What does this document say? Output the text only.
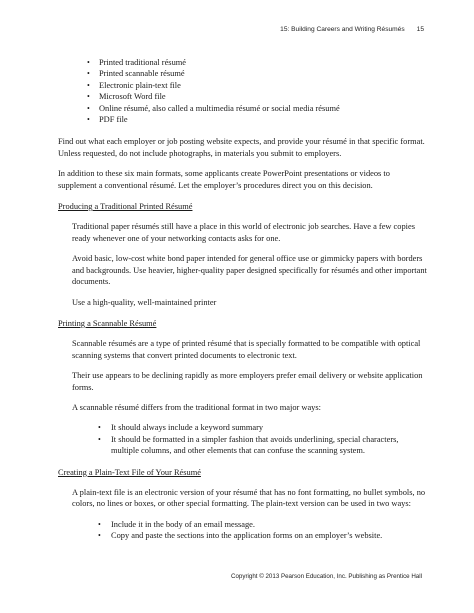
15: Building Careers and Writing Résumés 15
• Printed traditional résumé
• Printed scannable résumé
• Electronic plain-text file
• Microsoft Word file
• Online résumé, also called a multimedia résumé or social media résumé
• PDF file

Find out what each employer or job posting website expects, and provide your résumé in that specific format. Unless requested, do not include photographs, in materials you submit to employers.

In addition to these six main formats, some applicants create PowerPoint presentations or videos to supplement a conventional résumé. Let the employer’s procedures direct you on this decision.

Producing a Traditional Printed Résumé

Traditional paper résumés still have a place in this world of electronic job searches. Have a few copies ready whenever one of your networking contacts asks for one.

Avoid basic, low-cost white bond paper intended for general office use or gimmicky papers with borders and backgrounds. Use heavier, higher-quality paper designed specifically for résumés and other important documents.

Use a high-quality, well-maintained printer

Printing a Scannable Résumé

Scannable résumés are a type of printed résumé that is specially formatted to be compatible with optical scanning systems that convert printed documents to electronic text.

Their use appears to be declining rapidly as more employers prefer email delivery or website application forms.

A scannable résumé differs from the traditional format in two major ways:

• It should always include a keyword summary
• It should be formatted in a simpler fashion that avoids underlining, special characters, multiple columns, and other elements that can confuse the scanning system.

Creating a Plain-Text File of Your Résumé

A plain-text file is an electronic version of your résumé that has no font formatting, no bullet symbols, no colors, no lines or boxes, or other special formatting. The plain-text version can be used in two ways:

• Include it in the body of an email message.
• Copy and paste the sections into the application forms on an employer’s website.
Copyright © 2013 Pearson Education, Inc. Publishing as Prentice Hall
